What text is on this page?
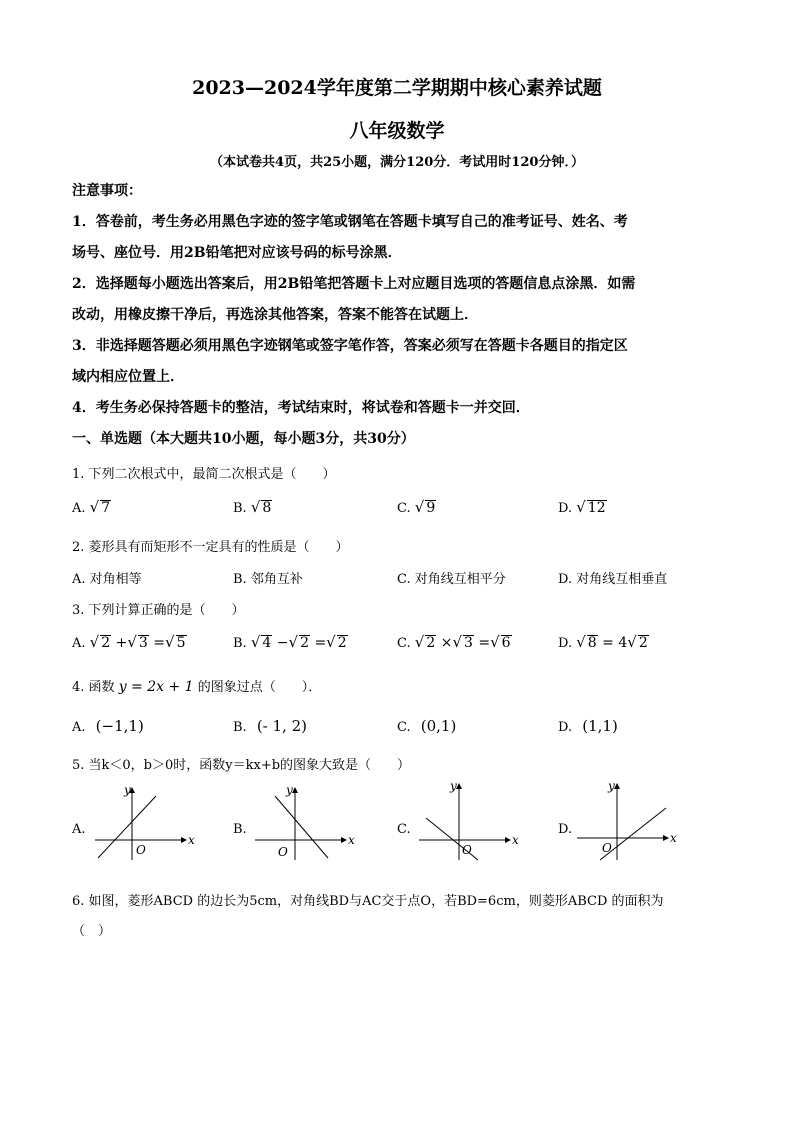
2023—2024学年度第二学期期中核心素养试题
八年级数学
（本试卷共4页，共25小题，满分120分．考试用时120分钟．）
注意事项：
1．答卷前，考生务必用黑色字迹的签字笔或钢笔在答题卡填写自己的准考证号、姓名、考
场号、座位号．用2B铅笔把对应该号码的标号涂黑．
2．选择题每小题选出答案后，用2B铅笔把答题卡上对应题目选项的答题信息点涂黑．如需
改动，用橡皮擦干净后，再选涂其他答案，答案不能答在试题上．
3．非选择题答题必须用黑色字迹钢笔或签字笔作答，答案必须写在答题卡各题目的指定区
域内相应位置上．
4．考生务必保持答题卡的整洁，考试结束时，将试卷和答题卡一并交回．
一、单选题（本大题共10小题，每小题3分，共30分）
1. 下列二次根式中，最简二次根式是（　　）
A. √ 7	B. √ 8	C. √ 9	D. √ 12
2. 菱形具有而矩形不一定具有的性质是（　　）
A. 对角相等	B. 邻角互补	C. 对角线互相平分	D. 对角线互相垂直
3. 下列计算正确的是（　　）
A. √ 2 +√ 3 =√ 5	B. √ 4 −√ 2 =√ 2	C. √ 2 ×√ 3 =√ 6	D. √ 8 = 4√ 2
4. 函数 y = 2x + 1 的图象过点（　　）．
A. (−1,1)	B. (- 1, 2)	C. (0,1)	D. (1,1)
5. 当k＜0，b＞0时，函数y＝kx+b的图象大致是（　　）
A.
x
y
O
B.
x
y
O
C.
x
y
O
D.
x
y
O
6. 如图，菱形ABCD 的边长为5cm，对角线BD与AC交于点O，若BD=6cm，则菱形ABCD 的面积为
（　）
